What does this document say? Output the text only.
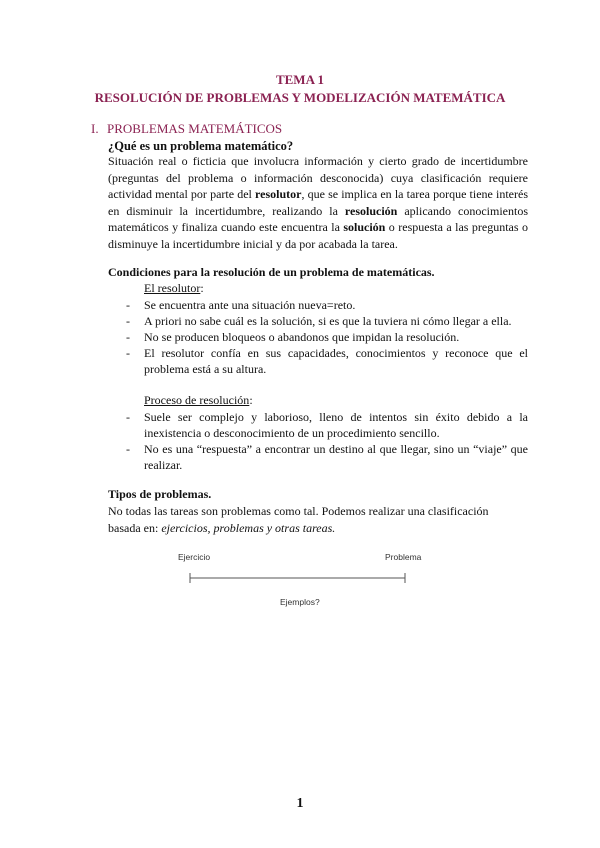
TEMA 1
RESOLUCIÓN DE PROBLEMAS Y MODELIZACIÓN MATEMÁTICA
I. PROBLEMAS MATEMÁTICOS
¿Qué es un problema matemático?

Situación real o ficticia que involucra información y cierto grado de incertidumbre (preguntas del problema o información desconocida) cuya clasificación requiere actividad mental por parte del resolutor, que se implica en la tarea porque tiene interés en disminuir la incertidumbre, realizando la resolución aplicando conocimientos matemáticos y finaliza cuando este encuentra la solución o respuesta a las preguntas o disminuye la incertidumbre inicial y da por acabada la tarea.

Condiciones para la resolución de un problema de matemáticas.
El resolutor:
- Se encuentra ante una situación nueva=reto.
- A priori no sabe cuál es la solución, si es que la tuviera ni cómo llegar a ella.
- No se producen bloqueos o abandonos que impidan la resolución.
- El resolutor confía en sus capacidades, conocimientos y reconoce que el problema está a su altura.
Proceso de resolución:
- Suele ser complejo y laborioso, lleno de intentos sin éxito debido a la inexistencia o desconocimiento de un procedimiento sencillo.
- No es una “respuesta” a encontrar un destino al que llegar, sino un “viaje” que realizar.
Tipos de problemas.
No todas las tareas son problemas como tal. Podemos realizar una clasificación basada en: ejercicios, problemas y otras tareas.
Ejercicio	Problema
Ejemplos?
1
